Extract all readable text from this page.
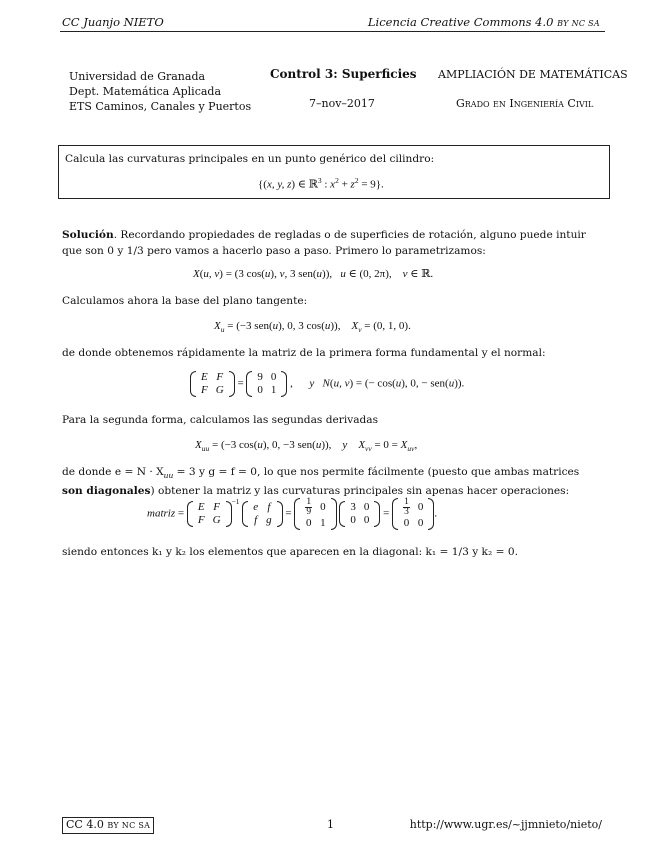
CC Juanjo NIETO	Licencia Creative Commons 4.0 BY NC SA
Universidad de Granada
Dept. Matemática Aplicada
ETS Caminos, Canales y Puertos
Control 3: Superficies
7–nov–2017
AMPLIACIÓN DE MATEMÁTICAS
Grado en Ingeniería Civil
Calcula las curvaturas principales en un punto genérico del cilindro:
{(x, y, z) ∈ ℝ$^3$ : $x^2 + z^2 = 9$}.
Solución. Recordando propiedades de regladas o de superficies de rotación, alguno puede intuir que son 0 y 1/3 pero vamos a hacerlo paso a paso. Primero lo parametrizamos:
X(u, v) = (3 cos(u), v, 3 sen(u)),   u ∈ (0, 2π),    v ∈ ℝ.
Calculamos ahora la base del plano tangente:
$X_u = (-3$ sen(u), 0, 3 cos(u)),    $X_v = (0$, 1, 0).
de donde obtenemos rápidamente la matriz de la primera forma fundamental y el normal:
E	F
F	G
=
9	0
0	1
,      y N(u, v) = (− cos(u), 0, − sen(u)).
Para la segunda forma, calculamos las segundas derivadas
$X_{uu} = (-3$ cos(u), 0, −3 sen(u)),    y $X_{vv} = 0 = X_{uv}$,
de donde $e = N \cdot X_{uu} = 3$ y g = f = 0, lo que nos permite fácilmente (puesto que ambas matrices son diagonales) obtener la matriz y las curvaturas principales sin apenas hacer operaciones:
matriz =
E	F
F	G
$^{-1}$ e	f
f	g
= $\frac{1}{9}$	0
0	1

3	0
0	0
= $\frac{1}{3}$	0
0	0
.
siendo entonces k₁ y k₂ los elementos que aparecen en la diagonal: k₁ = 1/3 y k₂ = 0.
CC 4.0 BY NC SA	1	http://www.ugr.es/~jjmnieto/nieto/
